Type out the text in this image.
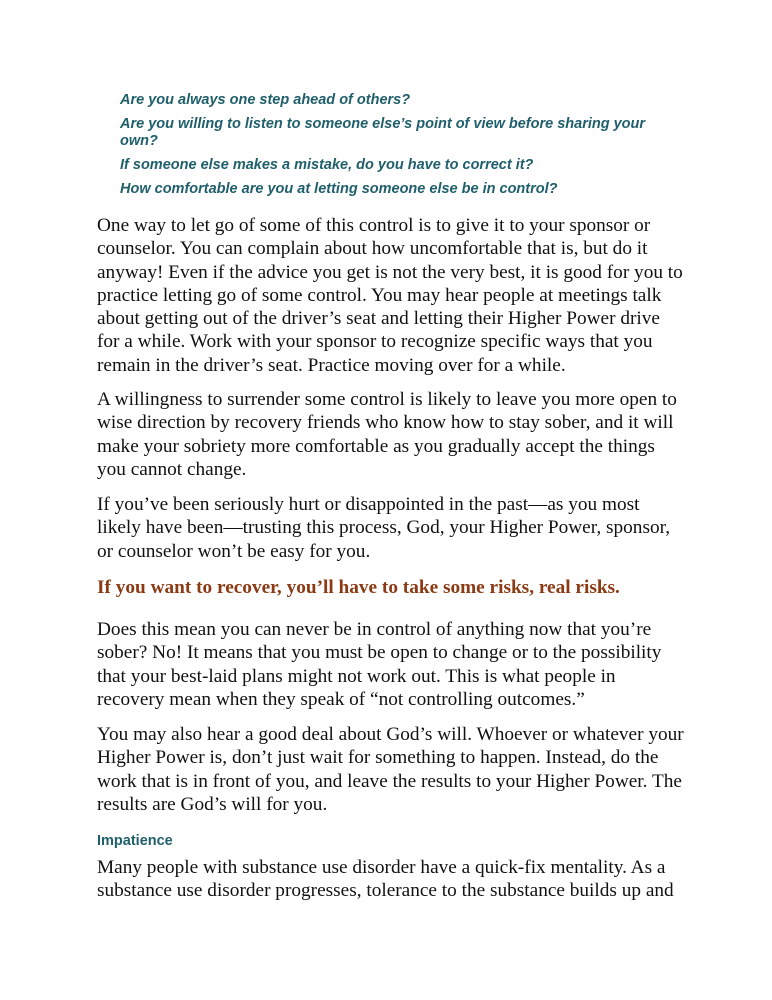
Are you always one step ahead of others?
Are you willing to listen to someone else’s point of view before sharing your own?
If someone else makes a mistake, do you have to correct it?
How comfortable are you at letting someone else be in control?

One way to let go of some of this control is to give it to your sponsor or counselor. You can complain about how uncomfortable that is, but do it anyway! Even if the advice you get is not the very best, it is good for you to practice letting go of some control. You may hear people at meetings talk about getting out of the driver’s seat and letting their Higher Power drive for a while. Work with your sponsor to recognize specific ways that you remain in the driver’s seat. Practice moving over for a while.

A willingness to surrender some control is likely to leave you more open to wise direction by recovery friends who know how to stay sober, and it will make your sobriety more comfortable as you gradually accept the things you cannot change.

If you’ve been seriously hurt or disappointed in the past—as you most likely have been—trusting this process, God, your Higher Power, sponsor, or counselor won’t be easy for you.

If you want to recover, you’ll have to take some risks, real risks.

Does this mean you can never be in control of anything now that you’re sober? No! It means that you must be open to change or to the possibility that your best-laid plans might not work out. This is what people in recovery mean when they speak of “not controlling outcomes.”

You may also hear a good deal about God’s will. Whoever or whatever your Higher Power is, don’t just wait for something to happen. Instead, do the work that is in front of you, and leave the results to your Higher Power. The results are God’s will for you.

Impatience

Many people with substance use disorder have a quick-fix mentality. As a substance use disorder progresses, tolerance to the substance builds up and
